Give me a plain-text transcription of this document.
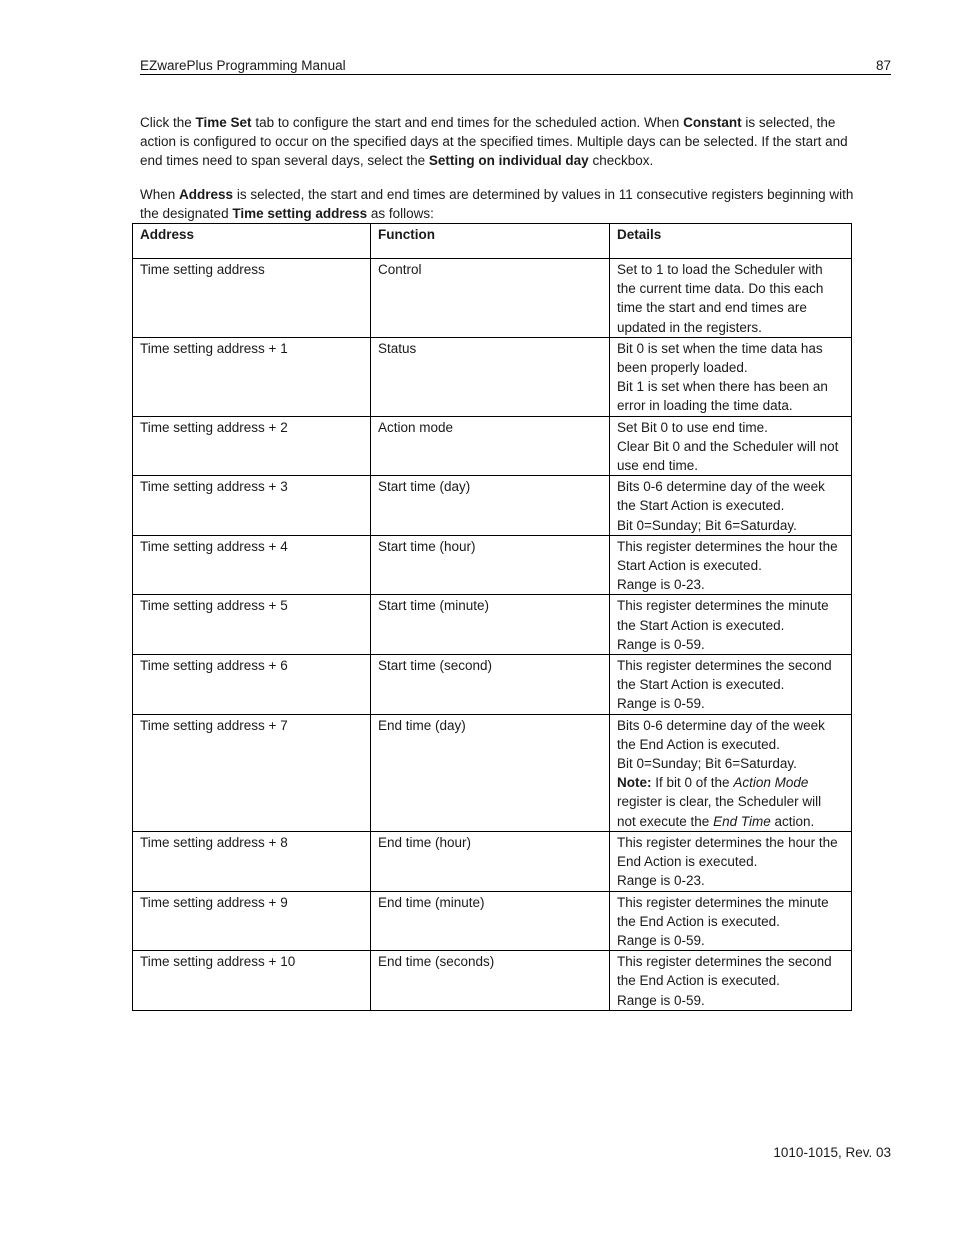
EZwarePlus Programming Manual	87

Click the Time Set tab to configure the start and end times for the scheduled action. When Constant is selected, the action is configured to occur on the specified days at the specified times. Multiple days can be selected. If the start and end times need to span several days, select the Setting on individual day checkbox.

When Address is selected, the start and end times are determined by values in 11 consecutive registers beginning with the designated Time setting address as follows:

Address	Function	Details
Time setting address	Control	Set to 1 to load the Scheduler with the current time data. Do this each time the start and end times are updated in the registers.

Time setting address + 1	Status	Bit 0 is set when the time data has been properly loaded.
Bit 1 is set when there has been an error in loading the time data.

Time setting address + 2	Action mode	Set Bit 0 to use end time.
Clear Bit 0 and the Scheduler will not use end time.

Time setting address + 3	Start time (day)	Bits 0-6 determine day of the week the Start Action is executed.
Bit 0=Sunday; Bit 6=Saturday.

Time setting address + 4	Start time (hour)	This register determines the hour the Start Action is executed.
Range is 0-23.

Time setting address + 5	Start time (minute)	This register determines the minute the Start Action is executed.
Range is 0-59.

Time setting address + 6	Start time (second)	This register determines the second the Start Action is executed.
Range is 0-59.

Time setting address + 7	End time (day)	Bits 0-6 determine day of the week the End Action is executed.
Bit 0=Sunday; Bit 6=Saturday.
Note: If bit 0 of the Action Mode register is clear, the Scheduler will not execute the End Time action.

Time setting address + 8	End time (hour)	This register determines the hour the End Action is executed.
Range is 0-23.

Time setting address + 9	End time (minute)	This register determines the minute the End Action is executed.
Range is 0-59.

Time setting address + 10	End time (seconds)	This register determines the second the End Action is executed.
Range is 0-59.
1010-1015, Rev. 03
